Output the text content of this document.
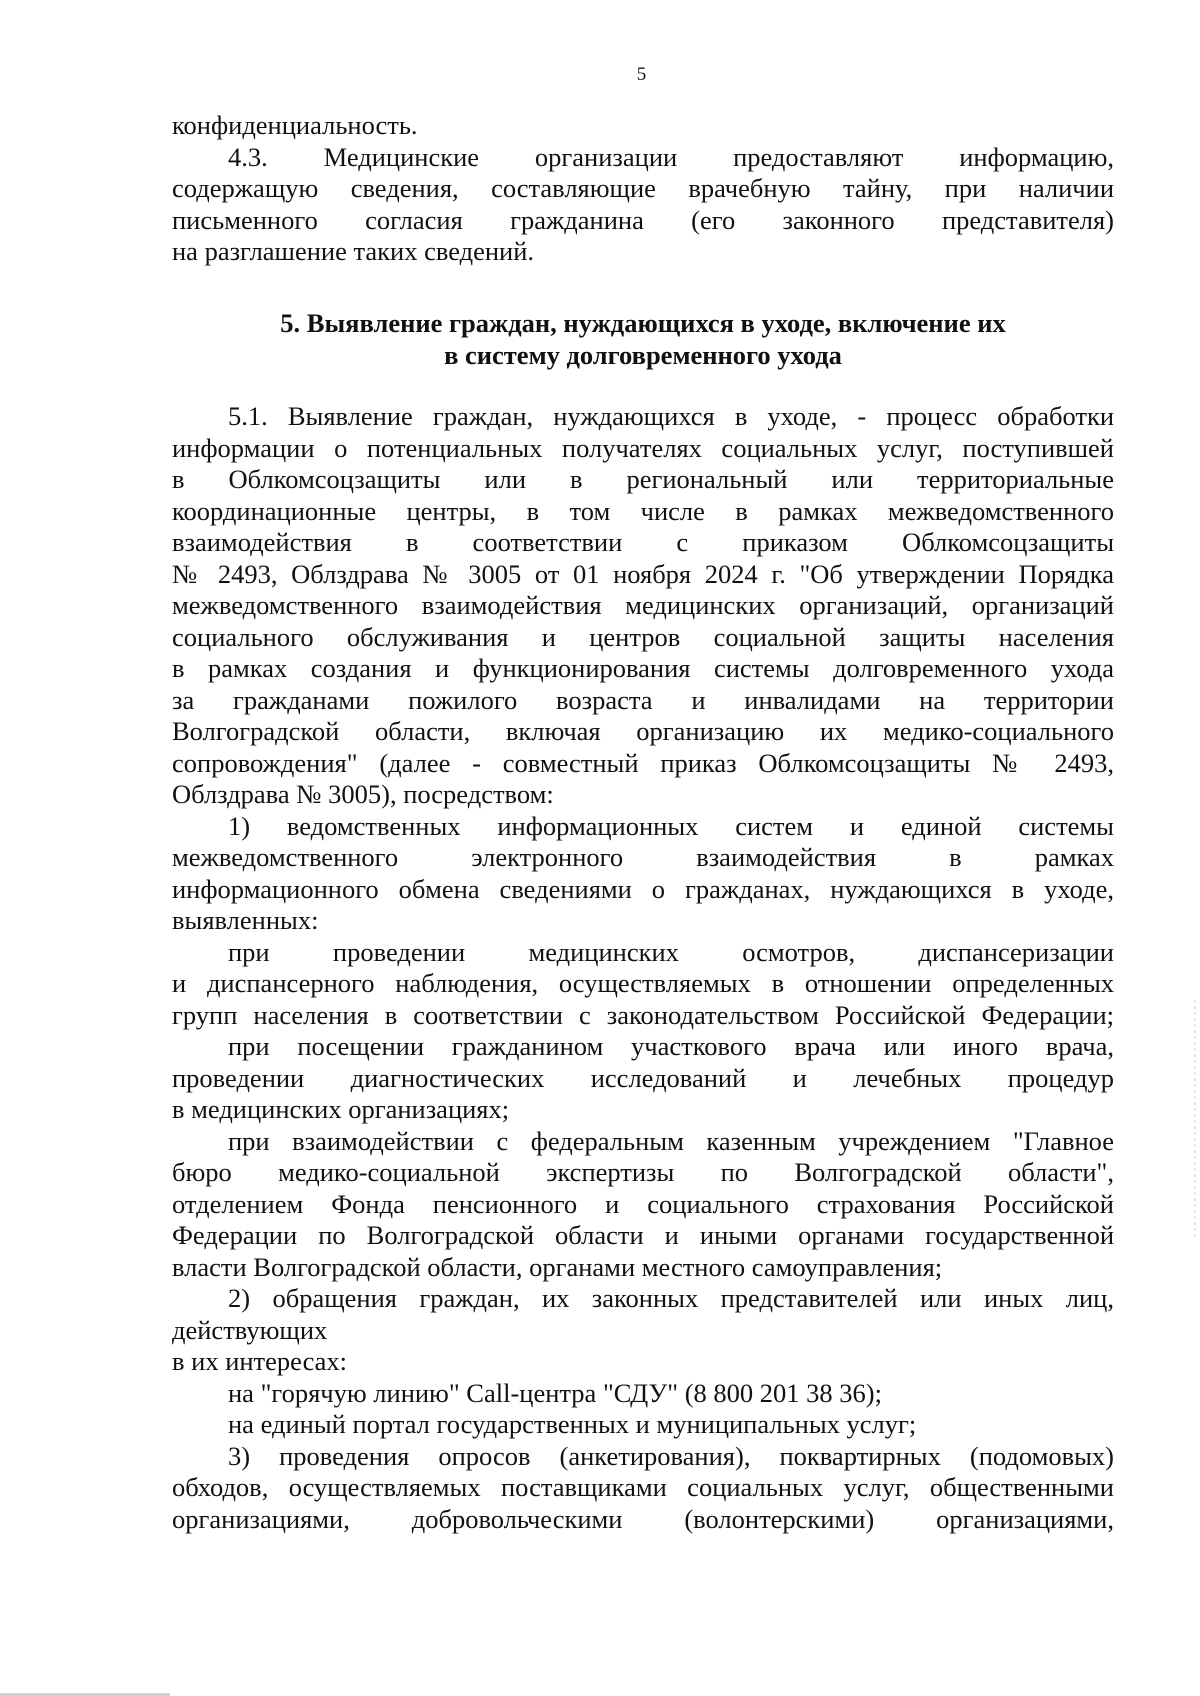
5
конфиденциальность.
4.3. Медицинские организации предоставляют информацию,
содержащую сведения, составляющие врачебную тайну, при наличии
письменного согласия гражданина (его законного представителя)
на разглашение таких сведений.
5. Выявление граждан, нуждающихся в уходе, включение их
в систему долговременного ухода
5.1. Выявление граждан, нуждающихся в уходе, - процесс обработки
информации о потенциальных получателях социальных услуг, поступившей
в Облкомсоцзащиты или в региональный или территориальные
координационные центры, в том числе в рамках межведомственного
взаимодействия в соответствии с приказом Облкомсоцзащиты
№ 2493, Облздрава № 3005 от 01 ноября 2024 г. "Об утверждении Порядка
межведомственного взаимодействия медицинских организаций, организаций
социального обслуживания и центров социальной защиты населения
в рамках создания и функционирования системы долговременного ухода
за гражданами пожилого возраста и инвалидами на территории
Волгоградской области, включая организацию их медико-социального
сопровождения" (далее - совместный приказ Облкомсоцзащиты № 2493,
Облздрава № 3005), посредством:
1) ведомственных информационных систем и единой системы
межведомственного электронного взаимодействия в рамках
информационного обмена сведениями о гражданах, нуждающихся в уходе,
выявленных:
при проведении медицинских осмотров, диспансеризации
и диспансерного наблюдения, осуществляемых в отношении определенных
групп населения в соответствии с законодательством Российской Федерации;
при посещении гражданином участкового врача или иного врача,
проведении диагностических исследований и лечебных процедур
в медицинских организациях;
при взаимодействии с федеральным казенным учреждением "Главное
бюро медико-социальной экспертизы по Волгоградской области",
отделением Фонда пенсионного и социального страхования Российской
Федерации по Волгоградской области и иными органами государственной
власти Волгоградской области, органами местного самоуправления;
2) обращения граждан, их законных представителей или иных лиц,
действующих
в их интересах:
на "горячую линию" Call-центра "СДУ" (8 800 201 38 36);
на единый портал государственных и муниципальных услуг;
3) проведения опросов (анкетирования), поквартирных (подомовых)
обходов, осуществляемых поставщиками социальных услуг, общественными
организациями, добровольческими (волонтерскими) организациями,
